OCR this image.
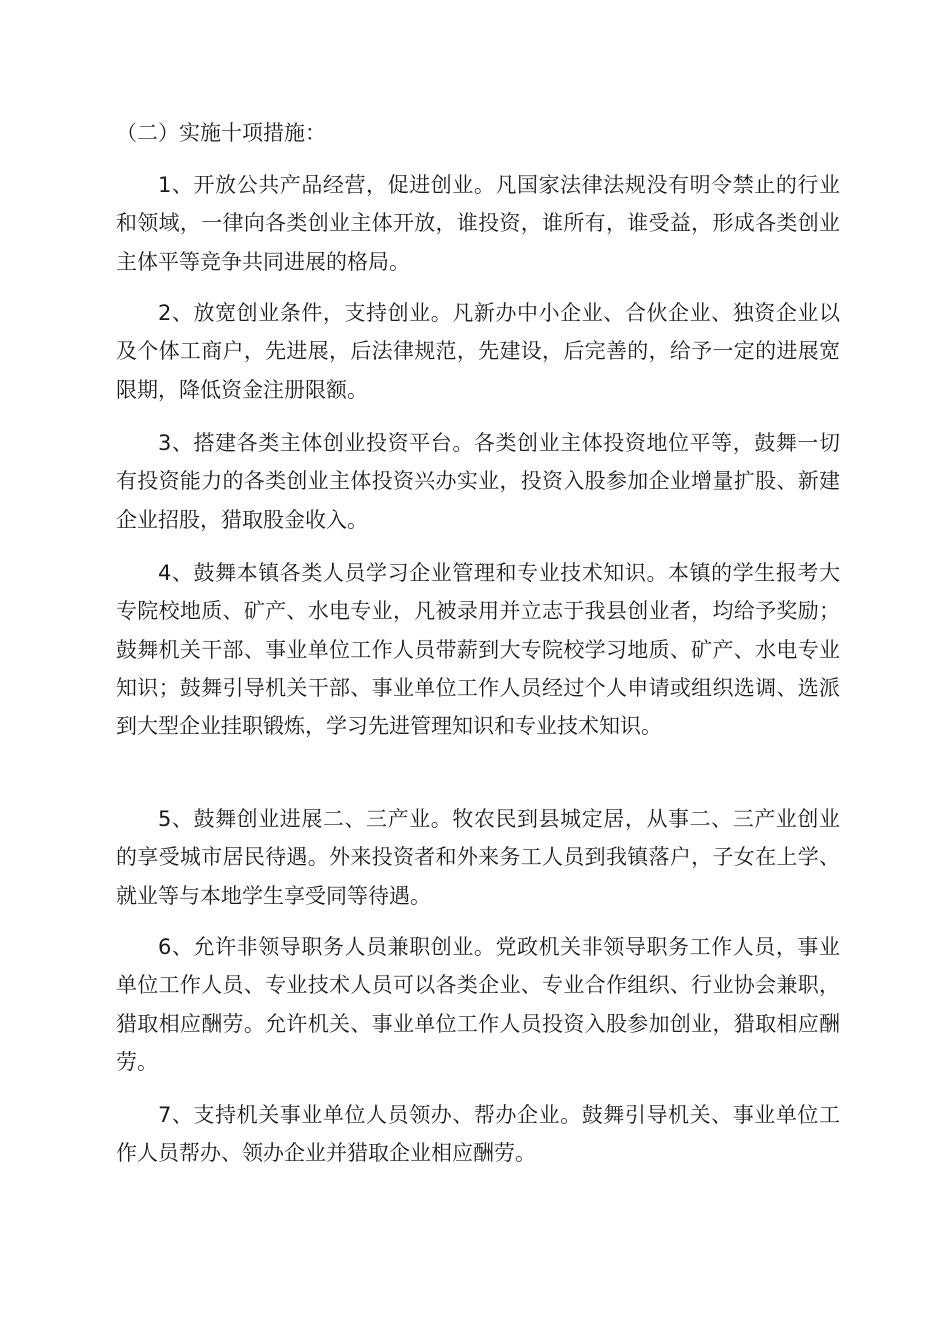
（二）实施十项措施：

1、开放公共产品经营，促进创业。凡国家法律法规没有明令禁止的行业和领域，一律向各类创业主体开放，谁投资，谁所有，谁受益，形成各类创业主体平等竞争共同进展的格局。

2、放宽创业条件，支持创业。凡新办中小企业、合伙企业、独资企业以及个体工商户，先进展，后法律规范，先建设，后完善的，给予一定的进展宽限期，降低资金注册限额。

3、搭建各类主体创业投资平台。各类创业主体投资地位平等，鼓舞一切有投资能力的各类创业主体投资兴办实业，投资入股参加企业增量扩股、新建企业招股，猎取股金收入。

4、鼓舞本镇各类人员学习企业管理和专业技术知识。本镇的学生报考大专院校地质、矿产、水电专业，凡被录用并立志于我县创业者，均给予奖励；鼓舞机关干部、事业单位工作人员带薪到大专院校学习地质、矿产、水电专业知识；鼓舞引导机关干部、事业单位工作人员经过个人申请或组织选调、选派到大型企业挂职锻炼，学习先进管理知识和专业技术知识。

5、鼓舞创业进展二、三产业。牧农民到县城定居，从事二、三产业创业的享受城市居民待遇。外来投资者和外来务工人员到我镇落户，子女在上学、就业等与本地学生享受同等待遇。

6、允许非领导职务人员兼职创业。党政机关非领导职务工作人员，事业单位工作人员、专业技术人员可以各类企业、专业合作组织、行业协会兼职，猎取相应酬劳。允许机关、事业单位工作人员投资入股参加创业，猎取相应酬劳。

7、支持机关事业单位人员领办、帮办企业。鼓舞引导机关、事业单位工作人员帮办、领办企业并猎取企业相应酬劳。
